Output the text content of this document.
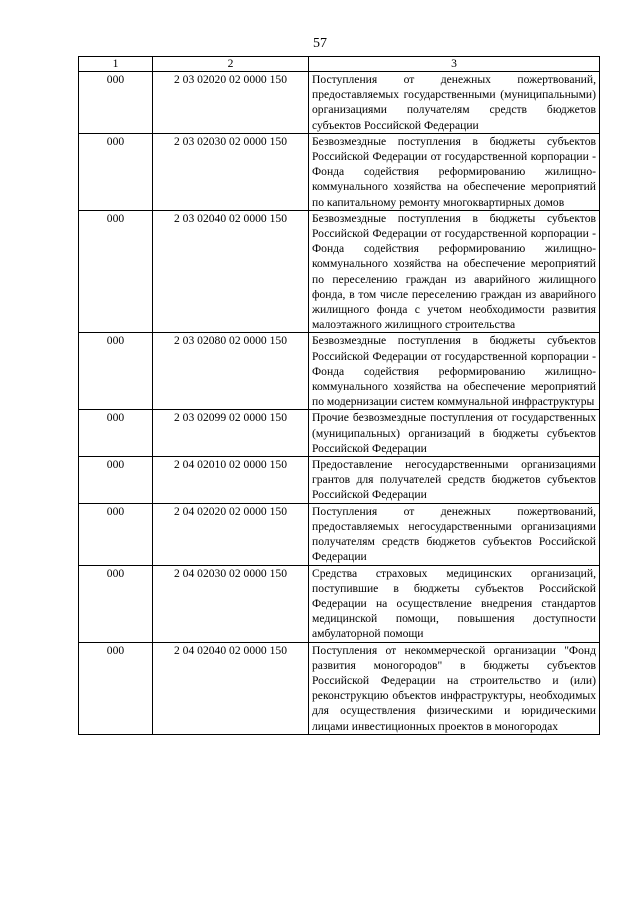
57
1	2	3
000	2 03 02020 02 0000 150	Поступления от денежных пожертвований, предоставляемых государственными (муниципальными) организациями получателям средств бюджетов субъектов Российской Федерации
000	2 03 02030 02 0000 150	Безвозмездные поступления в бюджеты субъектов Российской Федерации от государственной корпорации - Фонда содействия реформированию жилищно-коммунального хозяйства на обеспечение мероприятий по капитальному ремонту многоквартирных домов
000	2 03 02040 02 0000 150	Безвозмездные поступления в бюджеты субъектов Российской Федерации от государственной корпорации - Фонда содействия реформированию жилищно-коммунального хозяйства на обеспечение мероприятий по переселению граждан из аварийного жилищного фонда, в том числе переселению граждан из аварийного жилищного фонда с учетом необходимости развития малоэтажного жилищного строительства
000	2 03 02080 02 0000 150	Безвозмездные поступления в бюджеты субъектов Российской Федерации от государственной корпорации - Фонда содействия реформированию жилищно-коммунального хозяйства на обеспечение мероприятий по модернизации систем коммунальной инфраструктуры
000	2 03 02099 02 0000 150	Прочие безвозмездные поступления от государственных (муниципальных) организаций в бюджеты субъектов Российской Федерации
000	2 04 02010 02 0000 150	Предоставление негосударственными организациями грантов для получателей средств бюджетов субъектов Российской Федерации
000	2 04 02020 02 0000 150	Поступления от денежных пожертвований, предоставляемых негосударственными организациями получателям средств бюджетов субъектов Российской Федерации
000	2 04 02030 02 0000 150	Средства страховых медицинских организаций, поступившие в бюджеты субъектов Российской Федерации на осуществление внедрения стандартов медицинской помощи, повышения доступности амбулаторной помощи
000	2 04 02040 02 0000 150	Поступления от некоммерческой организации "Фонд развития моногородов" в бюджеты субъектов Российской Федерации на строительство и (или) реконструкцию объектов инфраструктуры, необходимых для осуществления физическими и юридическими лицами инвестиционных проектов в моногородах
